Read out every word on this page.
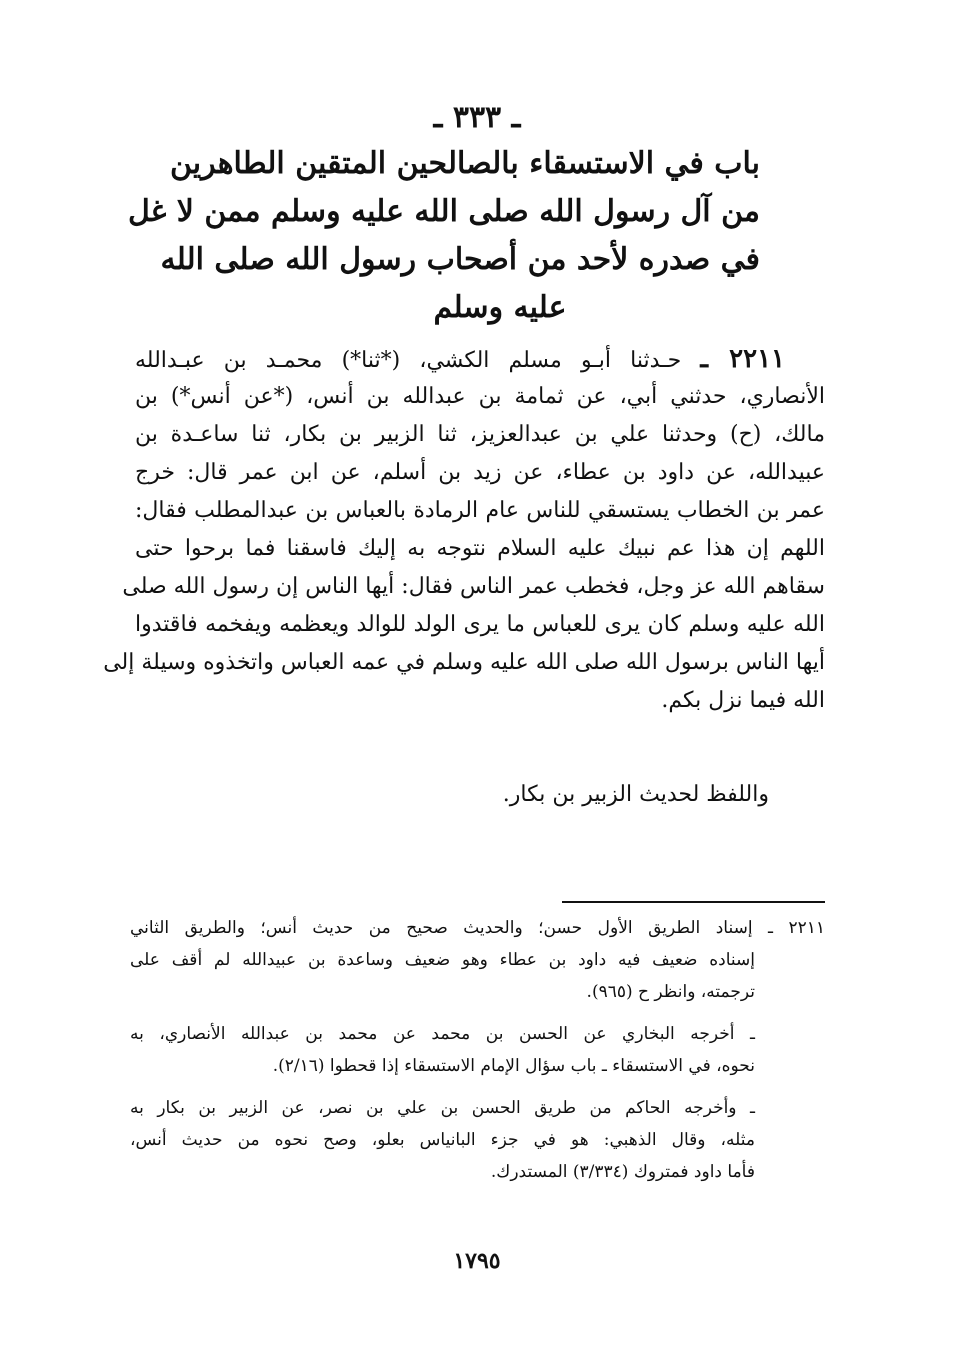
ـ ٣٣٣ ـ
باب في الاستسقاء بالصالحين المتقين الطاهرين
من آل رسول الله صلى الله عليه وسلم ممن لا غل
في صدره لأحد من أصحاب رسول الله صلى الله
عليه وسلم
٢٢١١ ـ حـدثنا أبـو مسلم الكشي، (*ثنا*) محمـد بن عبـدالله
الأنصاري، حدثني أبي، عن ثمامة بن عبدالله بن أنس، (*عن أنس*) بن
مالك، (ح) وحدثنا علي بن عبدالعزيز، ثنا الزبير بن بكار، ثنا ساعـدة بن
عبيدالله، عن داود بن عطاء، عن زيد بن أسلم، عن ابن عمر قال: خرج
عمر بن الخطاب يستسقي للناس عام الرمادة بالعباس بن عبدالمطلب فقال:
اللهم إن هذا عم نبيك عليه السلام نتوجه به إليك فاسقنا فما برحوا حتى
سقاهم الله عز وجل، فخطب عمر الناس فقال: أيها الناس إن رسول الله صلى
الله عليه وسلم كان يرى للعباس ما يرى الولد للوالد ويعظمه ويفخمه فاقتدوا
أيها الناس برسول الله صلى الله عليه وسلم في عمه العباس واتخذوه وسيلة إلى
الله فيما نزل بكم.
واللفظ لحديث الزبير بن بكار.
٢٢١١ ـ إسناد الطريق الأول حسن؛ والحديث صحيح من حديث أنس؛ والطريق الثاني
إسناده ضعيف فيه داود بن عطاء وهو ضعيف وساعدة بن عبيدالله لم أقف على
ترجمته، وانظر ح (٩٦٥).
ـ أخرجه البخاري عن الحسن بن محمد عن محمد بن عبدالله الأنصاري، به
نحوه، في الاستسقاء ـ باب سؤال الإمام الاستسقاء إذا قحطوا (٢/١٦).
ـ وأخرجه الحاكم من طريق الحسن بن علي بن نصر، عن الزبير بن بكار به
مثله، وقال الذهبي: هو في جزء البانياس بعلو، وصح نحوه من حديث أنس،
فأما داود فمتروك (٣/٣٣٤) المستدرك.
١٧٩٥
